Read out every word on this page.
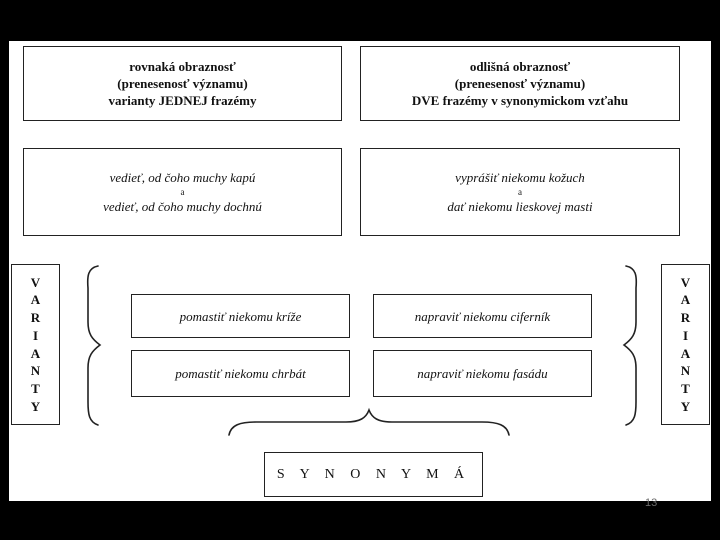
rovnaká obraznosť
(prenesenosť významu)
varianty JEDNEJ frazémy
odlišná obraznosť
(prenesenosť významu)
DVE frazémy v synonymickom vzťahu
vedieť, od čoho muchy kapú
a
vedieť, od čoho muchy dochnú
vyprášiť niekomu kožuch
a
dať niekomu lieskovej masti
V
A
R
I
A
N
T
Y
V
A
R
I
A
N
T
Y
pomastiť niekomu kríže	napraviť niekomu ciferník
pomastiť niekomu chrbát	napraviť niekomu fasádu
S Y N O N Y M Á
13
